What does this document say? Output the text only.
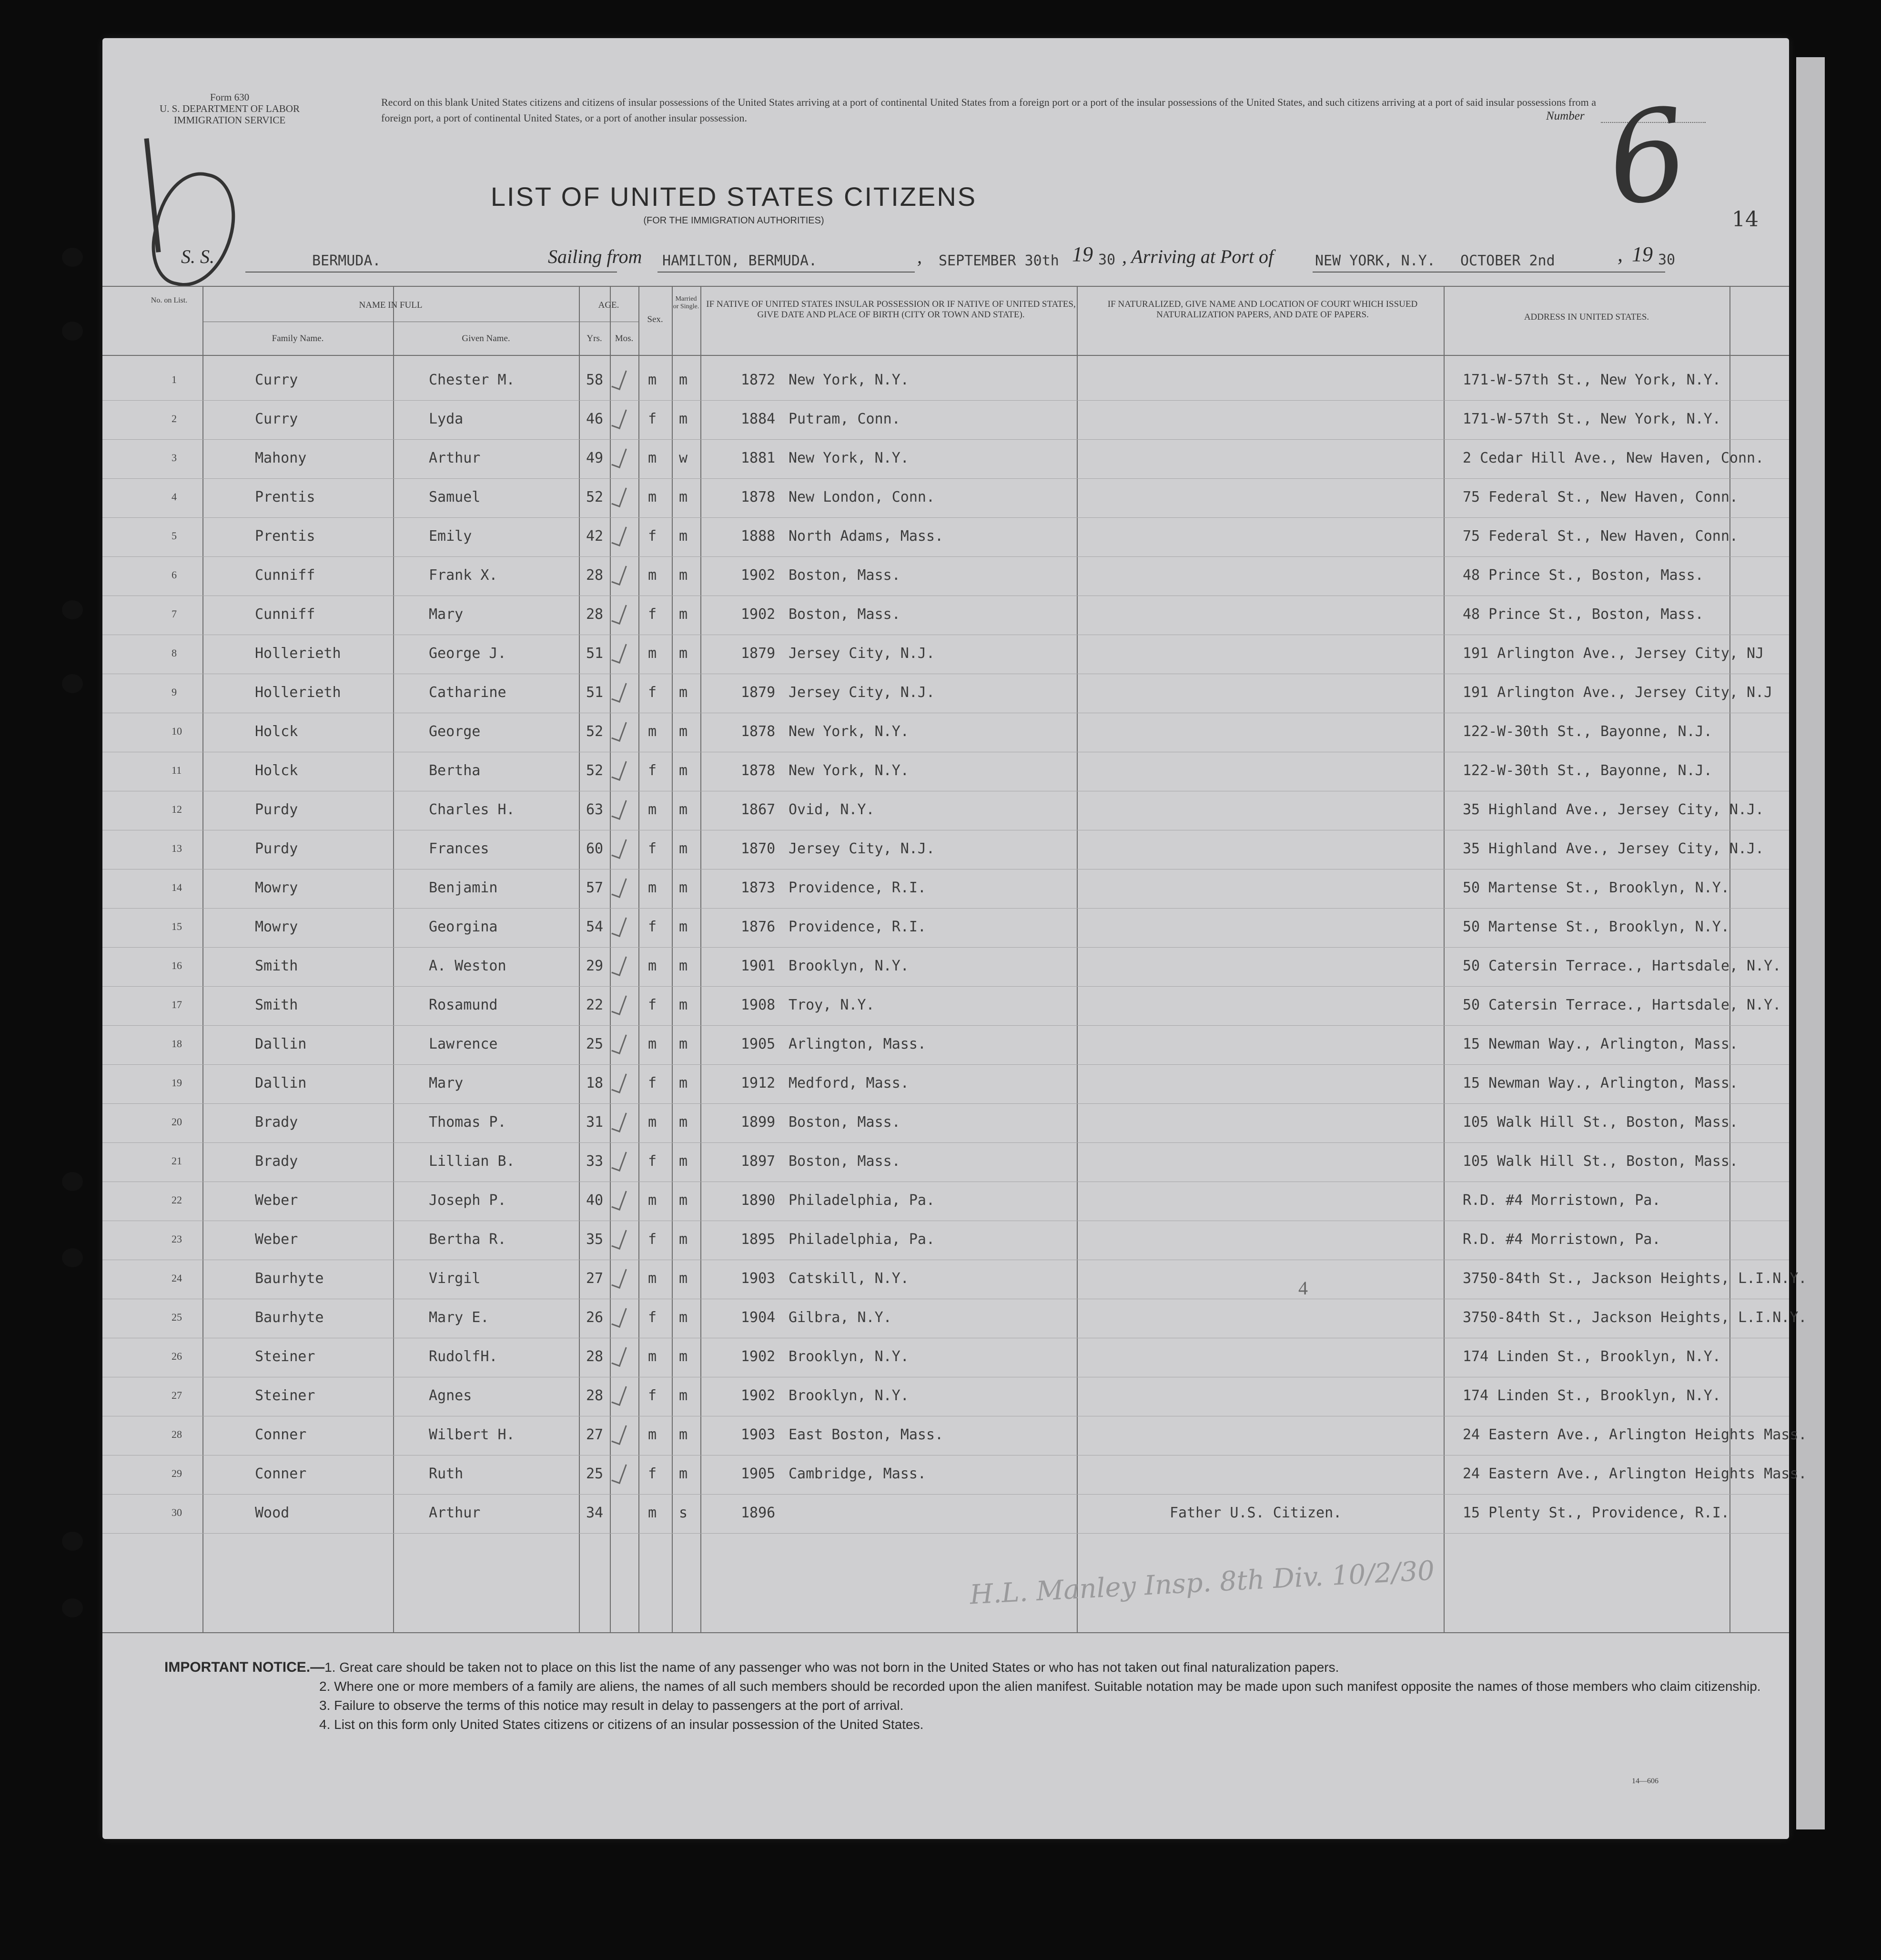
Form 630
U. S. DEPARTMENT OF LABOR
IMMIGRATION SERVICE
Record on this blank United States citizens and citizens of insular possessions of the United States arriving at a port of continental United States from a foreign port or a port of the insular possessions of the United States, and such citizens arriving at a port of said insular possessions from a foreign port, a port of continental United States, or a port of another insular possession.	Number 6 14
LIST OF UNITED STATES CITIZENS
(FOR THE IMMIGRATION AUTHORITIES)
S. S.	BERMUDA.	Sailing from HAMILTON, BERMUDA.	, SEPTEMBER 30th 19 30 , Arriving at Port of	NEW YORK, N.Y. OCTOBER 2nd	, 19 30
No. on List.	NAME IN FULL
Family Name.	Given Name.
AGE.
Yrs.	Mos.
Sex.
Married or Single. IF NATIVE OF UNITED STATES INSULAR POSSESSION OR IF NATIVE OF UNITED STATES, GIVE DATE AND PLACE OF BIRTH (CITY OR TOWN AND STATE).
IF NATURALIZED, GIVE NAME AND LOCATION OF COURT WHICH ISSUED NATURALIZATION PAPERS, AND DATE OF PAPERS.	ADDRESS IN UNITED STATES.
1	Curry	Chester M.	58	m m	1872 New York, N.Y.	171-W-57th St., New York, N.Y.
2	Curry	Lyda	46	f m	1884 Putram, Conn.	171-W-57th St., New York, N.Y.
3	Mahony	Arthur	49	m w	1881 New York, N.Y.	2 Cedar Hill Ave., New Haven, Conn.
4	Prentis	Samuel	52	m m	1878 New London, Conn.	75 Federal St., New Haven, Conn.
5	Prentis	Emily	42	f m	1888 North Adams, Mass.	75 Federal St., New Haven, Conn.
6	Cunniff	Frank X.	28	m m	1902 Boston, Mass.	48 Prince St., Boston, Mass.
7	Cunniff	Mary	28	f m	1902 Boston, Mass.	48 Prince St., Boston, Mass.
8	Hollerieth	George J.	51	m m	1879 Jersey City, N.J.	191 Arlington Ave., Jersey City, NJ
9	Hollerieth	Catharine	51	f m	1879 Jersey City, N.J.	191 Arlington Ave., Jersey City, N.J
10	Holck	George	52	m m	1878 New York, N.Y.	122-W-30th St., Bayonne, N.J.
11	Holck	Bertha	52	f m	1878 New York, N.Y.	122-W-30th St., Bayonne, N.J.
12	Purdy	Charles H.	63	m m	1867 Ovid, N.Y.	35 Highland Ave., Jersey City, N.J.
13	Purdy	Frances	60	f m	1870 Jersey City, N.J.	35 Highland Ave., Jersey City, N.J.
14	Mowry	Benjamin	57	m m	1873 Providence, R.I.	50 Martense St., Brooklyn, N.Y.
15	Mowry	Georgina	54	f m	1876 Providence, R.I.	50 Martense St., Brooklyn, N.Y.
16	Smith	A. Weston	29	m m	1901 Brooklyn, N.Y.	50 Catersin Terrace., Hartsdale, N.Y.
17	Smith	Rosamund	22	f m	1908 Troy, N.Y.	50 Catersin Terrace., Hartsdale, N.Y.
18	Dallin	Lawrence	25	m m	1905 Arlington, Mass.	15 Newman Way., Arlington, Mass.
19	Dallin	Mary	18	f m	1912 Medford, Mass.	15 Newman Way., Arlington, Mass.
20	Brady	Thomas P.	31	m m	1899 Boston, Mass.	105 Walk Hill St., Boston, Mass.
21	Brady	Lillian B.	33	f m	1897 Boston, Mass.	105 Walk Hill St., Boston, Mass.
22	Weber	Joseph P.	40	m m	1890 Philadelphia, Pa.	R.D. #4 Morristown, Pa.
23	Weber	Bertha R.	35	f m	1895 Philadelphia, Pa.	R.D. #4 Morristown, Pa.
24	Baurhyte	Virgil	27	m m	1903 Catskill, N.Y.	3750-84th St., Jackson Heights, L.I.N.Y.
25	Baurhyte	Mary E.	26	f m	1904 Gilbra, N.Y.	3750-84th St., Jackson Heights, L.I.N.Y.
26	Steiner	RudolfH.	28	m m	1902 Brooklyn, N.Y.	174 Linden St., Brooklyn, N.Y.
27	Steiner	Agnes	28	f m	1902 Brooklyn, N.Y.	174 Linden St., Brooklyn, N.Y.
28	Conner	Wilbert H.	27	m m	1903 East Boston, Mass.	24 Eastern Ave., Arlington Heights Mass.
29	Conner	Ruth	25	f m	1905 Cambridge, Mass.	24 Eastern Ave., Arlington Heights Mass.
30	Wood	Arthur	34	m s	1896	Father U.S. Citizen.	15 Plenty St., Providence, R.I.
4
H.L. Manley Insp. 8th Div. 10/2/30
IMPORTANT NOTICE.—1. Great care should be taken not to place on this list the name of any passenger who was not born in the United States or who has not taken out final naturalization papers.
2. Where one or more members of a family are aliens, the names of all such members should be recorded upon the alien manifest. Suitable notation may be made upon such manifest opposite the names of those members who claim citizenship.
3. Failure to observe the terms of this notice may result in delay to passengers at the port of arrival.
4. List on this form only United States citizens or citizens of an insular possession of the United States.
14—606
